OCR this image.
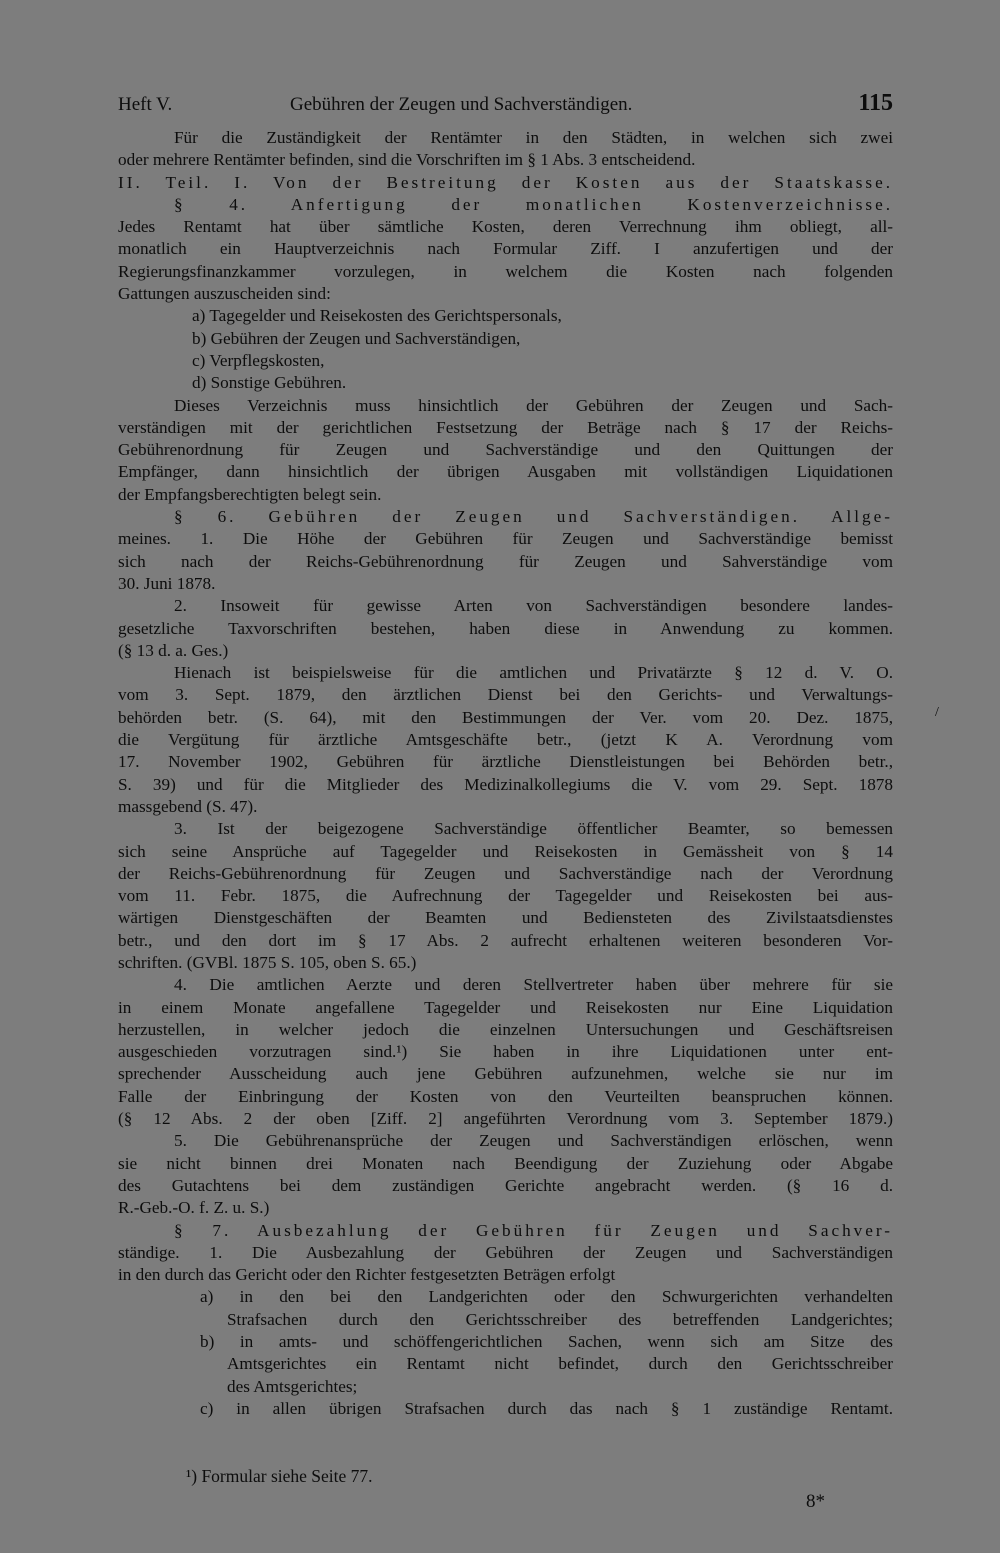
Heft V.	Gebühren der Zeugen und Sachverständigen.	115
Für die Zuständigkeit der Rentämter in den Städten, in welchen sich zwei
oder mehrere Rentämter befinden, sind die Vorschriften im § 1 Abs. 3 entscheidend.
II. Teil. I. Von der Bestreitung der Kosten aus der Staatskasse.
§ 4. Anfertigung der monatlichen Kostenverzeichnisse.
Jedes Rentamt hat über sämtliche Kosten, deren Verrechnung ihm obliegt, all-
monatlich ein Hauptverzeichnis nach Formular Ziff. I anzufertigen und der
Regierungsfinanzkammer vorzulegen, in welchem die Kosten nach folgenden
Gattungen auszuscheiden sind:
a) Tagegelder und Reisekosten des Gerichtspersonals,
b) Gebühren der Zeugen und Sachverständigen,
c) Verpflegskosten,
d) Sonstige Gebühren.
Dieses Verzeichnis muss hinsichtlich der Gebühren der Zeugen und Sach-
verständigen mit der gerichtlichen Festsetzung der Beträge nach § 17 der Reichs-
Gebührenordnung für Zeugen und Sachverständige und den Quittungen der
Empfänger, dann hinsichtlich der übrigen Ausgaben mit vollständigen Liquidationen
der Empfangsberechtigten belegt sein.
§ 6. Gebühren der Zeugen und Sachverständigen. Allge-
meines. 1. Die Höhe der Gebühren für Zeugen und Sachverständige bemisst
sich nach der Reichs-Gebührenordnung für Zeugen und Sahverständige vom
30. Juni 1878.
2. Insoweit für gewisse Arten von Sachverständigen besondere landes-
gesetzliche Taxvorschriften bestehen, haben diese in Anwendung zu kommen.
(§ 13 d. a. Ges.)
Hienach ist beispielsweise für die amtlichen und Privatärzte § 12 d. V. O.
vom 3. Sept. 1879, den ärztlichen Dienst bei den Gerichts- und Verwaltungs-
behörden betr. (S. 64), mit den Bestimmungen der Ver. vom 20. Dez. 1875,
die Vergütung für ärztliche Amtsgeschäfte betr., (jetzt K A. Verordnung vom
17. November 1902, Gebühren für ärztliche Dienstleistungen bei Behörden betr.,
S. 39) und für die Mitglieder des Medizinalkollegiums die V. vom 29. Sept. 1878
massgebend (S. 47).
3. Ist der beigezogene Sachverständige öffentlicher Beamter, so bemessen
sich seine Ansprüche auf Tagegelder und Reisekosten in Gemässheit von § 14
der Reichs-Gebührenordnung für Zeugen und Sachverständige nach der Verordnung
vom 11. Febr. 1875, die Aufrechnung der Tagegelder und Reisekosten bei aus-
wärtigen Dienstgeschäften der Beamten und Bediensteten des Zivilstaatsdienstes
betr., und den dort im § 17 Abs. 2 aufrecht erhaltenen weiteren besonderen Vor-
schriften. (GVBl. 1875 S. 105, oben S. 65.)
4. Die amtlichen Aerzte und deren Stellvertreter haben über mehrere für sie
in einem Monate angefallene Tagegelder und Reisekosten nur Eine Liquidation
herzustellen, in welcher jedoch die einzelnen Untersuchungen und Geschäftsreisen
ausgeschieden vorzutragen sind.¹) Sie haben in ihre Liquidationen unter ent-
sprechender Ausscheidung auch jene Gebühren aufzunehmen, welche sie nur im
Falle der Einbringung der Kosten von den Veurteilten beanspruchen können.
(§ 12 Abs. 2 der oben [Ziff. 2] angeführten Verordnung vom 3. September 1879.)
5. Die Gebührenansprüche der Zeugen und Sachverständigen erlöschen, wenn
sie nicht binnen drei Monaten nach Beendigung der Zuziehung oder Abgabe
des Gutachtens bei dem zuständigen Gerichte angebracht werden. (§ 16 d.
R.-Geb.-O. f. Z. u. S.)
§ 7. Ausbezahlung der Gebühren für Zeugen und Sachver-
ständige. 1. Die Ausbezahlung der Gebühren der Zeugen und Sachverständigen
in den durch das Gericht oder den Richter festgesetzten Beträgen erfolgt
a) in den bei den Landgerichten oder den Schwurgerichten verhandelten
Strafsachen durch den Gerichtsschreiber des betreffenden Landgerichtes;
b) in amts- und schöffengerichtlichen Sachen, wenn sich am Sitze des
Amtsgerichtes ein Rentamt nicht befindet, durch den Gerichtsschreiber
des Amtsgerichtes;
c) in allen übrigen Strafsachen durch das nach § 1 zuständige Rentamt.
/
¹) Formular siehe Seite 77.
8*
